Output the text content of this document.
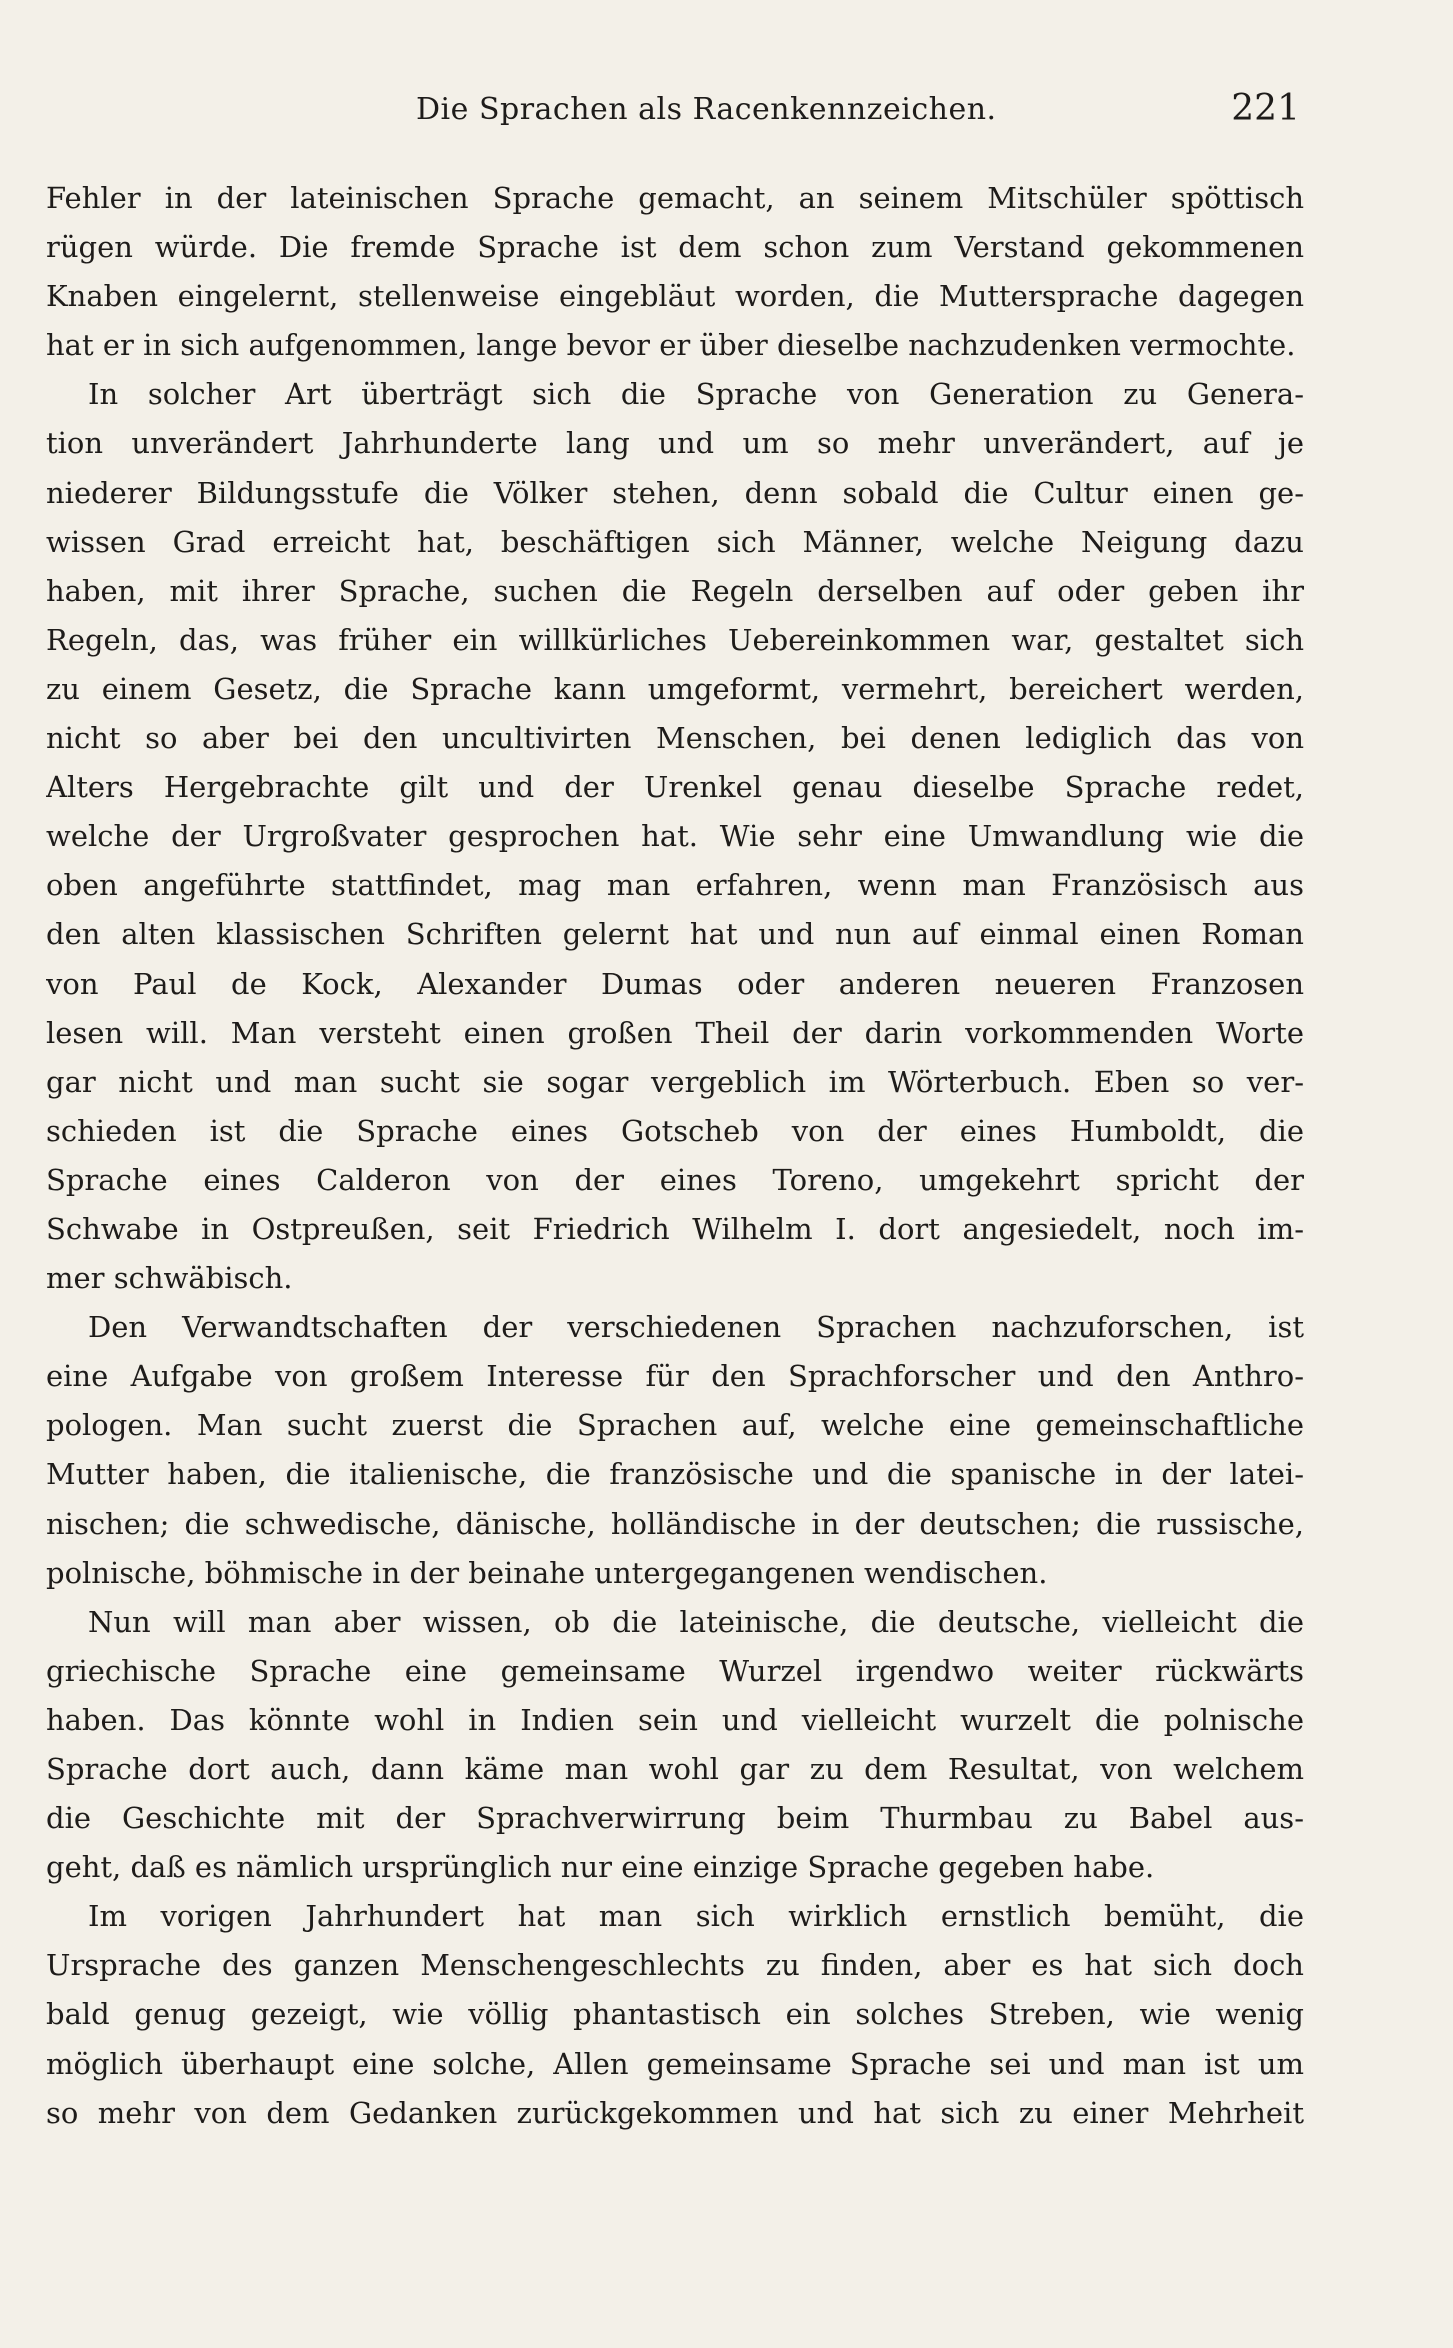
Die Sprachen als Racenkennzeichen.	221
Fehler in der lateinischen Sprache gemacht, an seinem Mitschüler spöttisch
rügen würde. Die fremde Sprache ist dem schon zum Verstand gekommenen
Knaben eingelernt, stellenweise eingebläut worden, die Muttersprache dagegen
hat er in sich aufgenommen, lange bevor er über dieselbe nachzudenken vermochte.
In solcher Art überträgt sich die Sprache von Generation zu Genera-
tion unverändert Jahrhunderte lang und um so mehr unverändert, auf je
niederer Bildungsstufe die Völker stehen, denn sobald die Cultur einen ge-
wissen Grad erreicht hat, beschäftigen sich Männer, welche Neigung dazu
haben, mit ihrer Sprache, suchen die Regeln derselben auf oder geben ihr
Regeln, das, was früher ein willkürliches Uebereinkommen war, gestaltet sich
zu einem Gesetz, die Sprache kann umgeformt, vermehrt, bereichert werden,
nicht so aber bei den uncultivirten Menschen, bei denen lediglich das von
Alters Hergebrachte gilt und der Urenkel genau dieselbe Sprache redet,
welche der Urgroßvater gesprochen hat. Wie sehr eine Umwandlung wie die
oben angeführte stattfindet, mag man erfahren, wenn man Französisch aus
den alten klassischen Schriften gelernt hat und nun auf einmal einen Roman
von Paul de Kock, Alexander Dumas oder anderen neueren Franzosen
lesen will. Man versteht einen großen Theil der darin vorkommenden Worte
gar nicht und man sucht sie sogar vergeblich im Wörterbuch. Eben so ver-
schieden ist die Sprache eines Gotscheb von der eines Humboldt, die
Sprache eines Calderon von der eines Toreno, umgekehrt spricht der
Schwabe in Ostpreußen, seit Friedrich Wilhelm I. dort angesiedelt, noch im-
mer schwäbisch.
Den Verwandtschaften der verschiedenen Sprachen nachzuforschen, ist
eine Aufgabe von großem Interesse für den Sprachforscher und den Anthro-
pologen. Man sucht zuerst die Sprachen auf, welche eine gemeinschaftliche
Mutter haben, die italienische, die französische und die spanische in der latei-
nischen; die schwedische, dänische, holländische in der deutschen; die russische,
polnische, böhmische in der beinahe untergegangenen wendischen.
Nun will man aber wissen, ob die lateinische, die deutsche, vielleicht die
griechische Sprache eine gemeinsame Wurzel irgendwo weiter rückwärts
haben. Das könnte wohl in Indien sein und vielleicht wurzelt die polnische
Sprache dort auch, dann käme man wohl gar zu dem Resultat, von welchem
die Geschichte mit der Sprachverwirrung beim Thurmbau zu Babel aus-
geht, daß es nämlich ursprünglich nur eine einzige Sprache gegeben habe.
Im vorigen Jahrhundert hat man sich wirklich ernstlich bemüht, die
Ursprache des ganzen Menschengeschlechts zu finden, aber es hat sich doch
bald genug gezeigt, wie völlig phantastisch ein solches Streben, wie wenig
möglich überhaupt eine solche, Allen gemeinsame Sprache sei und man ist um
so mehr von dem Gedanken zurückgekommen und hat sich zu einer Mehrheit
